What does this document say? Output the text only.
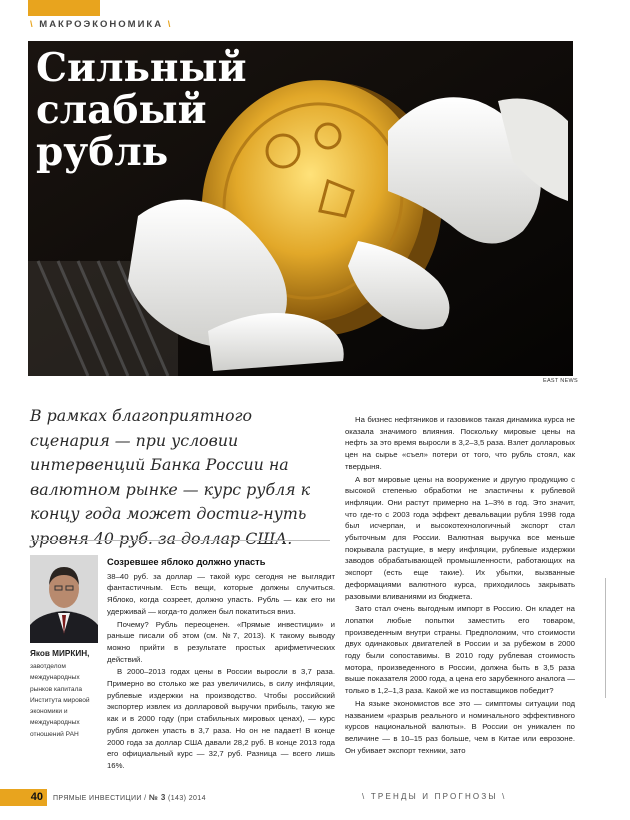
\ МАКРОЭКОНОМИКА \
Сильный
слабый
рубль
EAST NEWS

В рамках благоприятного сценария — при условии интервенций Банка России на валютном рынке — курс рубля к концу года может достиг-нуть уровня 40 руб. за доллар США.

Яков МИРКИН,

завотделом международных рынков капитала Института мировой экономики и международных отношений РАН

Созревшее яблоко должно упасть

38–40 руб. за доллар — такой курс сегодня не выглядит фантастичным. Есть вещи, которые должны случиться. Яблоко, когда созреет, должно упасть. Рубль — как его ни удерживай — когда-то должен был покатиться вниз.

Почему? Рубль переоценен. «Прямые инвестиции» и раньше писали об этом (см. №7, 2013). К такому выводу можно прийти в результате простых арифметических действий.

В 2000–2013 годах цены в России выросли в 3,7 раза. Примерно во столько же раз увеличились, в силу инфляции, рублевые издержки на производство. Чтобы российский экспортер извлек из долларовой выручки прибыль, такую же как и в 2000 году (при стабильных мировых ценах), — курс рубля должен упасть в 3,7 раза. Но он не падает! В конце 2000 года за доллар США давали 28,2 руб. В конце 2013 года его официальный курс — 32,7 руб. Разница — всего лишь 16%.

На бизнес нефтяников и газовиков такая динамика курса не оказала значимого влияния. Поскольку мировые цены на нефть за это время выросли в 3,2–3,5 раза. Взлет долларовых цен на сырье «съел» потери от того, что рубль стоял, как твердыня.

А вот мировые цены на вооружение и другую продукцию с высокой степенью обработки не эластичны к рублевой инфляции. Они растут примерно на 1–3% в год. Это значит, что где-то с 2003 года эффект девальвации рубля 1998 года был исчерпан, и высокотехнологичный экспорт стал убыточным для России. Валютная выручка все меньше покрывала растущие, в меру инфляции, рублевые издержки заводов обрабатывающей промышленности, работающих на экспорт (есть еще такие). Их убытки, вызванные деформациями валютного курса, приходилось закрывать разовыми вливаниями из бюджета.

Зато стал очень выгодным импорт в Россию. Он кладет на лопатки любые попытки заместить его товаром, произведенным внутри страны. Предположим, что стоимости двух одинаковых двигателей в России и за рубежом в 2000 году были сопоставимы. В 2010 году рублевая стоимость мотора, произведенного в России, должна быть в 3,5 раза выше показателя 2000 года, а цена его зарубежного аналога — только в 1,2–1,3 раза. Какой же из поставщиков победит?

На языке экономистов все это — симптомы ситуации под названием «разрыв реального и номинального эффективного курсов национальной валюты». В России он уникален по величине — в 10–15 раз больше, чем в Китае или еврозоне. Он убивает экспорт техники, зато

40	ПРЯМЫЕ ИНВЕСТИЦИИ / № 3 (143) 2014	\ ТРЕНДЫ И ПРОГНОЗЫ \
